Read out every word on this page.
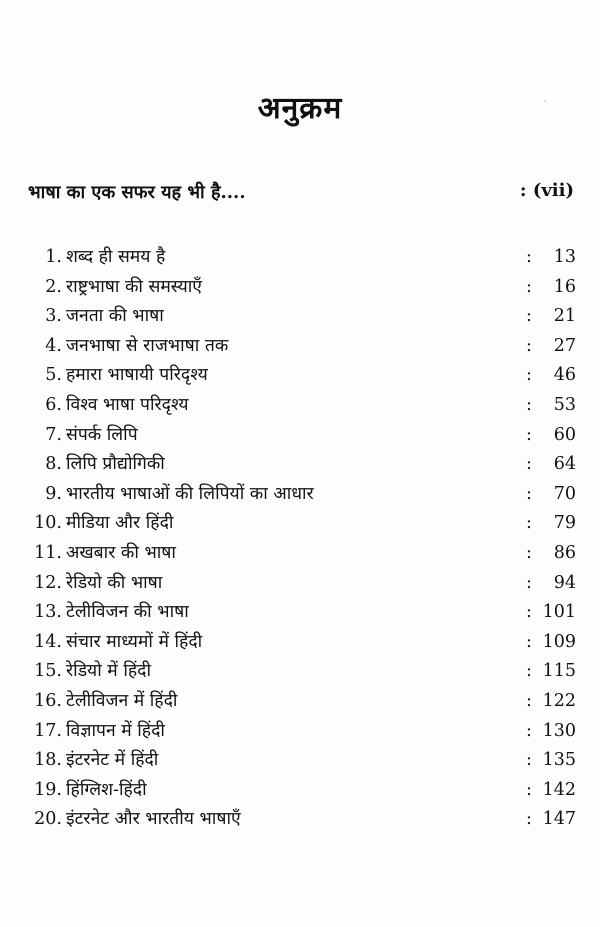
अनुक्रम
भाषा का एक सफर यह भी है....	: (vii)
1. शब्द ही समय है	: 13
2. राष्ट्रभाषा की समस्याएँ	: 16
3. जनता की भाषा	: 21
4. जनभाषा से राजभाषा तक	: 27
5. हमारा भाषायी परिदृश्य	: 46
6. विश्व भाषा परिदृश्य	: 53
7. संपर्क लिपि	: 60
8. लिपि प्रौद्योगिकी	: 64
9. भारतीय भाषाओं की लिपियों का आधार	: 70
10. मीडिया और हिंदी	: 79
11. अखबार की भाषा	: 86
12. रेडियो की भाषा	: 94
13. टेलीविजन की भाषा	: 101
14. संचार माध्यमों में हिंदी	: 109
15. रेडियो में हिंदी	: 115
16. टेलीविजन में हिंदी	: 122
17. विज्ञापन में हिंदी	: 130
18. इंटरनेट में हिंदी	: 135
19. हिंग्लिश-हिंदी	: 142
20. इंटरनेट और भारतीय भाषाएँ	: 147
